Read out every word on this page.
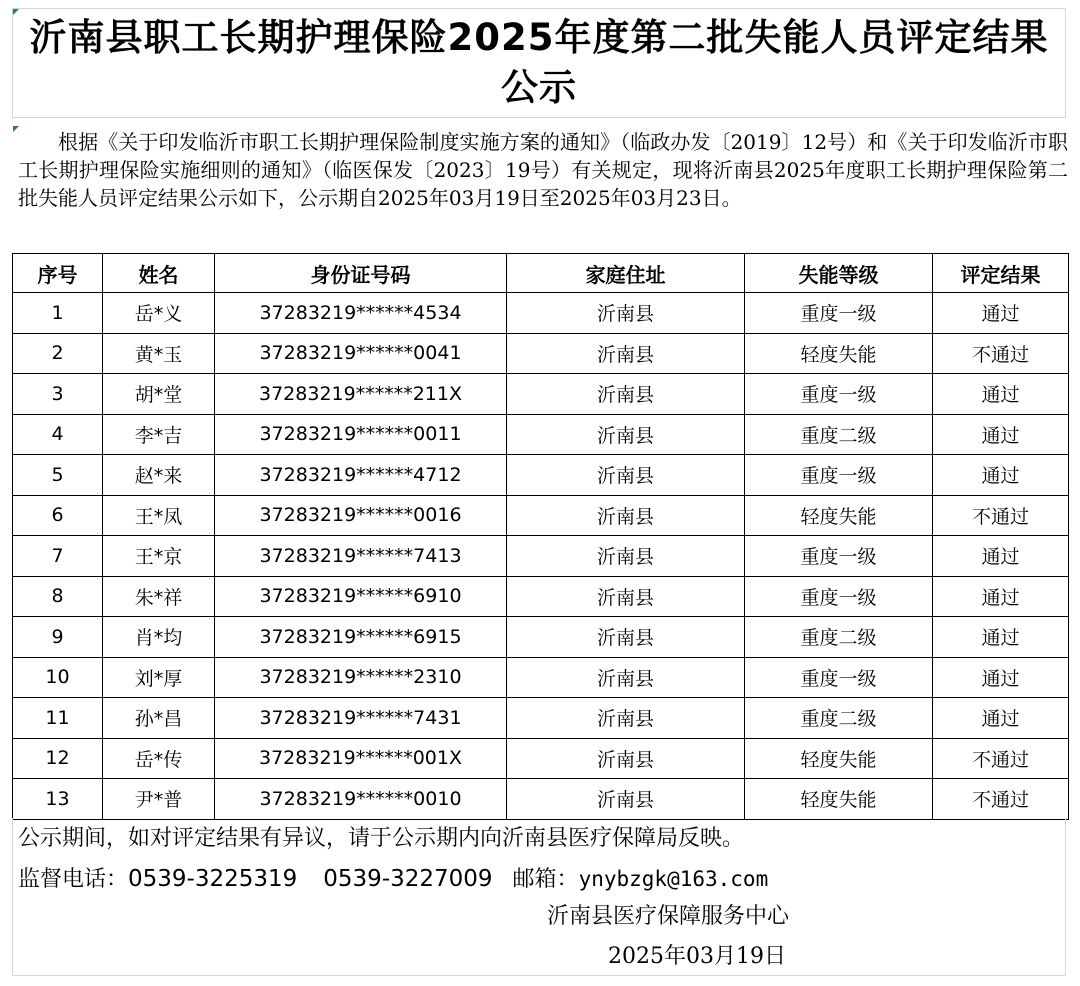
沂南县职工长期护理保险2025年度第二批失能人员评定结果公示
根据《关于印发临沂市职工长期护理保险制度实施方案的通知》（临政办发〔2019〕12号）和《关于印发临沂市职工长期护理保险实施细则的通知》（临医保发〔2023〕19号）有关规定，现将沂南县2025年度职工长期护理保险第二批失能人员评定结果公示如下，公示期自2025年03月19日至2025年03月23日。
序号	姓名	身份证号码	家庭住址	失能等级	评定结果
1	岳*义	37283219******4534	沂南县	重度一级	通过
2	黄*玉	37283219******0041	沂南县	轻度失能	不通过
3	胡*堂	37283219******211X	沂南县	重度一级	通过
4	李*吉	37283219******0011	沂南县	重度二级	通过
5	赵*来	37283219******4712	沂南县	重度一级	通过
6	王*凤	37283219******0016	沂南县	轻度失能	不通过
7	王*京	37283219******7413	沂南县	重度一级	通过
8	朱*祥	37283219******6910	沂南县	重度一级	通过
9	肖*均	37283219******6915	沂南县	重度二级	通过
10	刘*厚	37283219******2310	沂南县	重度一级	通过
11	孙*昌	37283219******7431	沂南县	重度二级	通过
12	岳*传	37283219******001X	沂南县	轻度失能	不通过
13	尹*普	37283219******0010	沂南县	轻度失能	不通过
公示期间，如对评定结果有异议，请于公示期内向沂南县医疗保障局反映。
监督电话：0539-3225319 0539-3227009 邮箱：ynybzgk@163.com
沂南县医疗保障服务中心
2025年03月19日
